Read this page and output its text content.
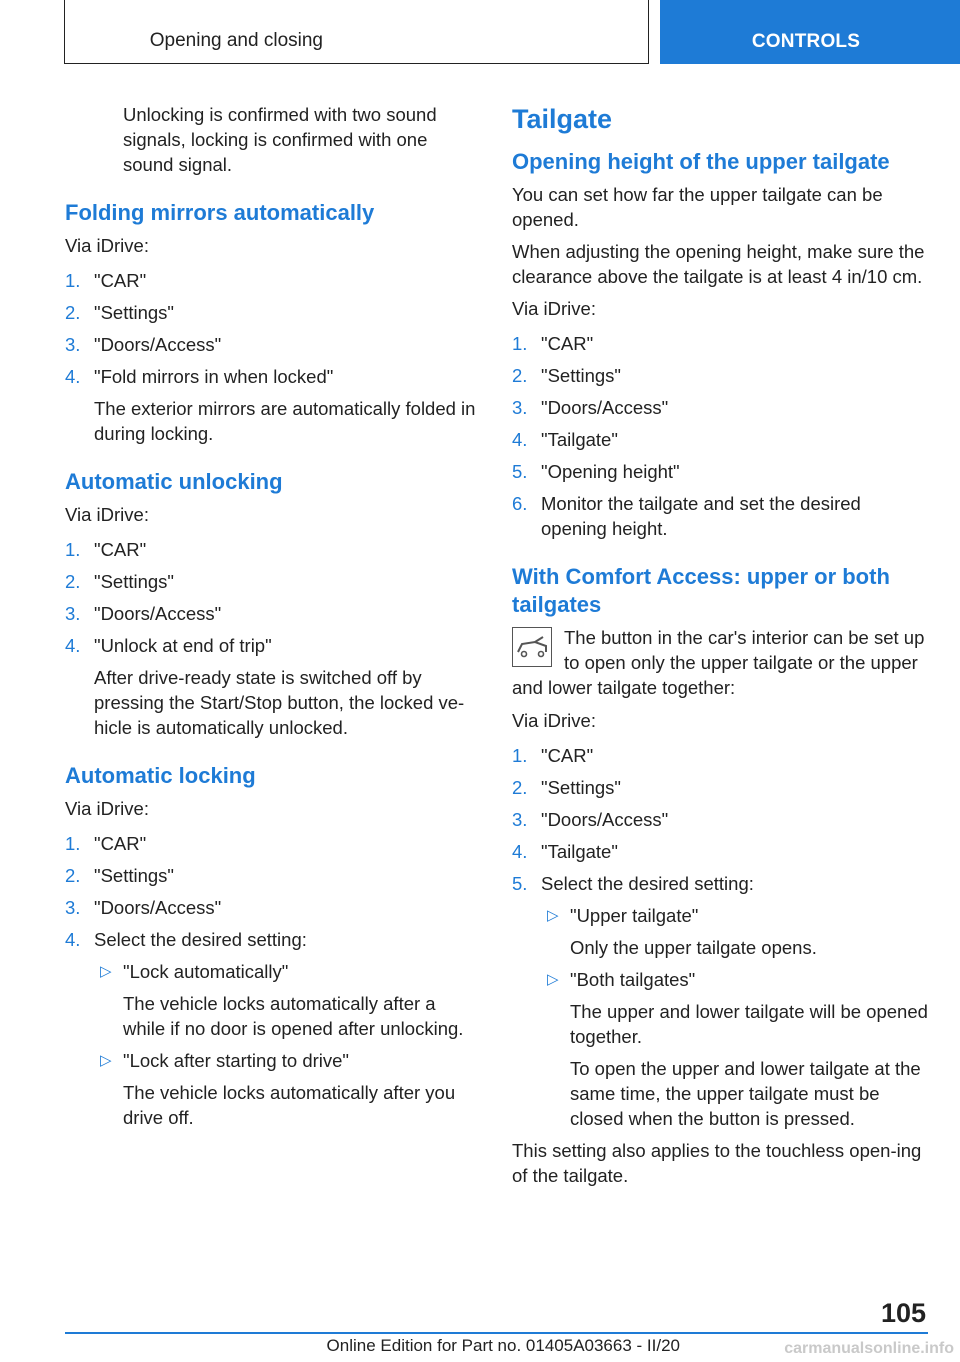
Opening and closing	CONTROLS

Unlocking is confirmed with two sound signals, locking is confirmed with one sound signal.

Folding mirrors automatically

Via iDrive:

1. "CAR"
2. "Settings"
3. "Doors/Access"
4. "Fold mirrors in when locked"
The exterior mirrors are automatically folded in during locking.
Automatic unlocking

Via iDrive:

1. "CAR"
2. "Settings"
3. "Doors/Access"
4. "Unlock at end of trip"
After drive-ready state is switched off by pressing the Start/Stop button, the locked ve‐hicle is automatically unlocked.
Automatic locking

Via iDrive:

1. "CAR"
2. "Settings"
3. "Doors/Access"
4. Select the desired setting:
▷ "Lock automatically"
The vehicle locks automatically after a while if no door is opened after unlocking.
▷ "Lock after starting to drive"
The vehicle locks automatically after you drive off.
Tailgate
Opening height of the upper tailgate

You can set how far the upper tailgate can be opened.

When adjusting the opening height, make sure the clearance above the tailgate is at least 4 in/10 cm.

Via iDrive:

1. "CAR"
2. "Settings"
3. "Doors/Access"
4. "Tailgate"
5. "Opening height"
6. Monitor the tailgate and set the desired opening height.
With Comfort Access: upper or both tailgates

The button in the car's interior can be set up to open only the upper tailgate or the upper and lower tailgate together:

Via iDrive:

1. "CAR"
2. "Settings"
3. "Doors/Access"
4. "Tailgate"
5. Select the desired setting:
▷ "Upper tailgate"
Only the upper tailgate opens.
▷ "Both tailgates"
The upper and lower tailgate will be opened together.
To open the upper and lower tailgate at the same time, the upper tailgate must be closed when the button is pressed.

This setting also applies to the touchless open‐ing of the tailgate.

105
Online Edition for Part no. 01405A03663 - II/20	carmanualsonline.info
